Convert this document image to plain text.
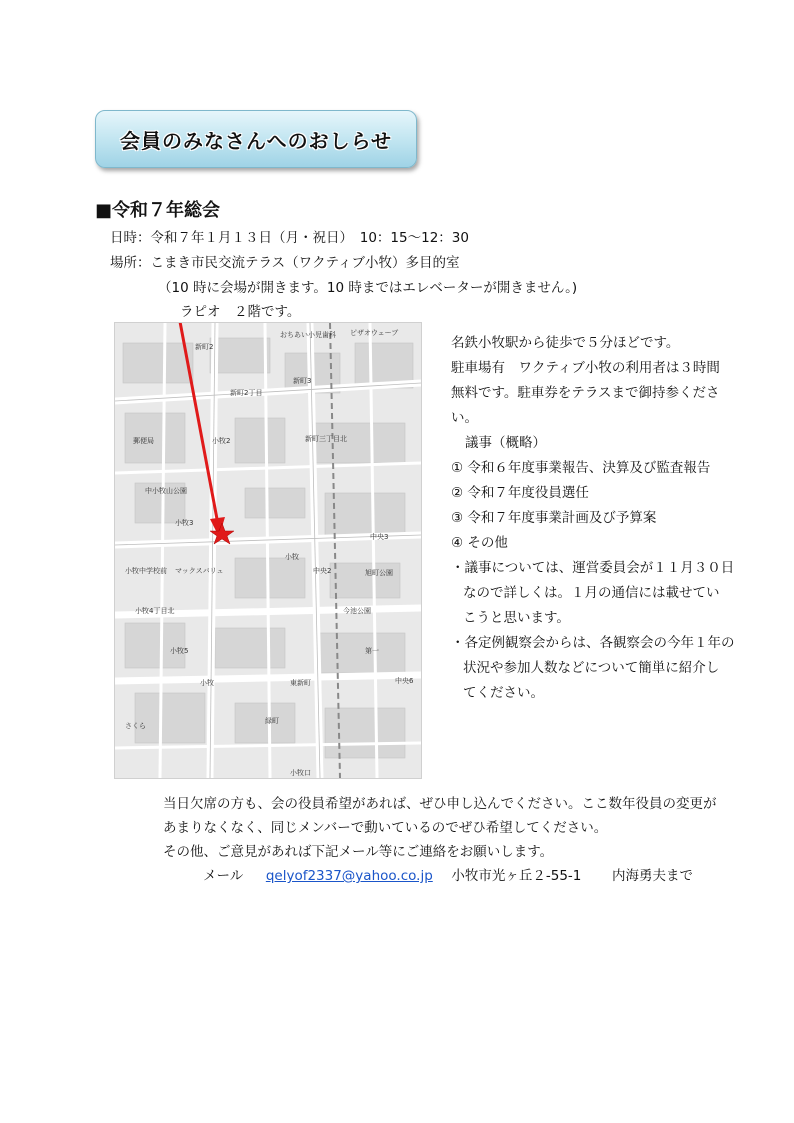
会員のみなさんへのおしらせ
■令和７年総会
日時：令和７年１月１３日（月・祝日）　10：15〜12：30
場所：こまき市民交流テラス（ワクティブ小牧）多目的室
（10 時に会場が開きます。10 時まではエレベーターが開きません。)
ラピオ　２階です。
新町2
おちあい小児歯科 ピザオウェーブ
新町3
新町2丁目
新町三丁目北
小牧2
中央3
小牧3
小牧
中央2
小牧中学校前 マックスバリュ	旭町公園
小牧4丁目北	今池公園
小牧	東新町
第一
中央6
さくら
緑町
小牧口
中小牧山公園
郵便局
小牧5
名鉄小牧駅から徒歩で５分ほどです。
駐車場有　ワクティブ小牧の利用者は３時間
無料です。駐車券をテラスまで御持参くださ
い。
議事（概略）
① 令和６年度事業報告、決算及び監査報告
② 令和７年度役員選任
③ 令和７年度事業計画及び予算案
④ その他
・議事については、運営委員会が１１月３０日
なので詳しくは。１月の通信には載せてい
こうと思います。
・各定例観察会からは、各観察会の今年１年の
状況や参加人数などについて簡単に紹介し
てください。
当日欠席の方も、会の役員希望があれば、ぜひ申し込んでください。ここ数年役員の変更が
あまりなくなく、同じメンバーで動いているのでぜひ希望してください。
その他、ご意見があれば下記メール等にご連絡をお願いします。
メール qelyof2337@yahoo.co.jp 小牧市光ヶ丘２-55-1 内海勇夫まで
